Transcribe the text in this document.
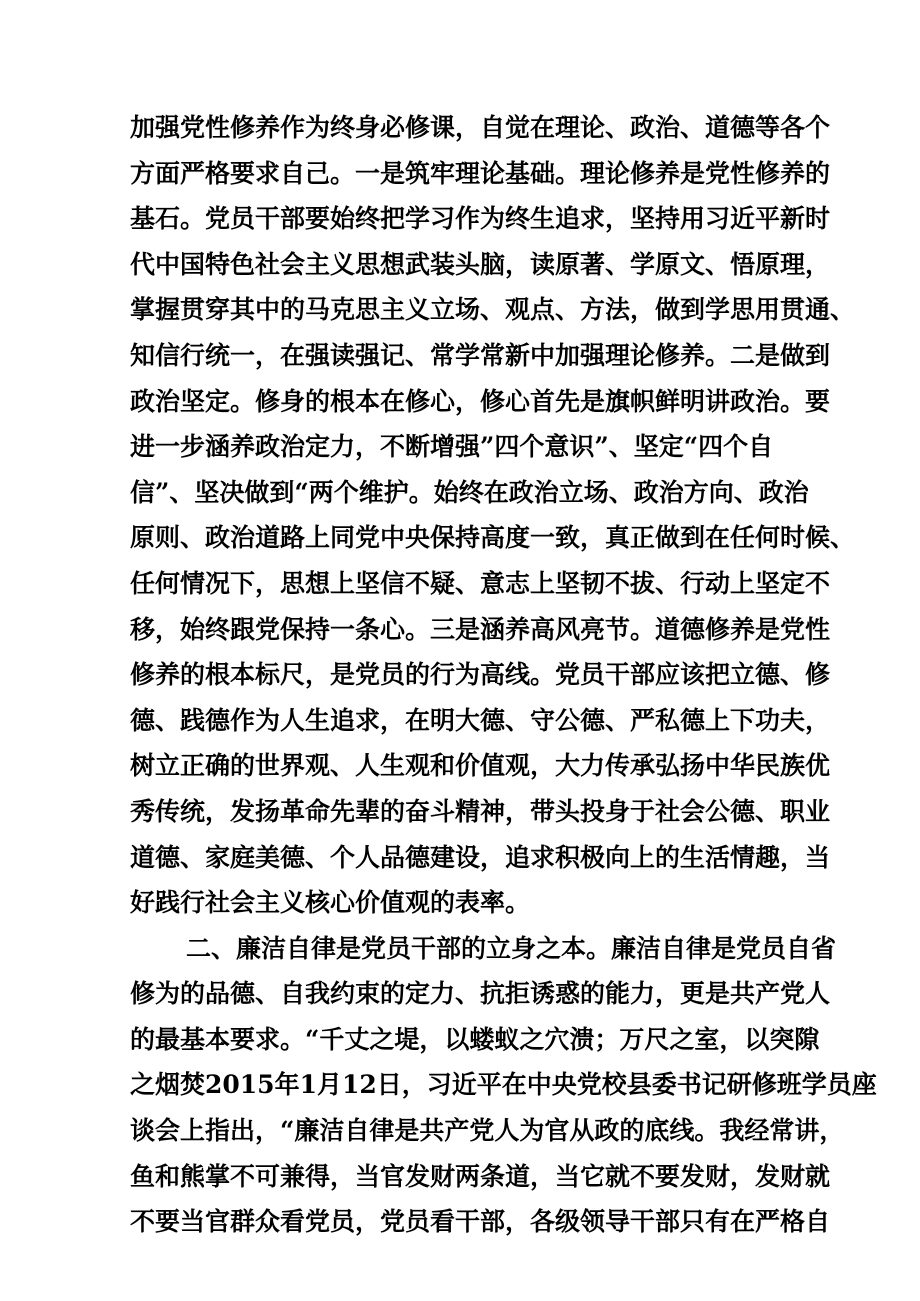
加强党性修养作为终身必修课，自觉在理论、政治、道德等各个
方面严格要求自己。一是筑牢理论基础。理论修养是党性修养的
基石。党员干部要始终把学习作为终生追求，坚持用习近平新时
代中国特色社会主义思想武装头脑，读原著、学原文、悟原理，
掌握贯穿其中的马克思主义立场、观点、方法，做到学思用贯通、
知信行统一，在强读强记、常学常新中加强理论修养。二是做到
政治坚定。修身的根本在修心，修心首先是旗帜鲜明讲政治。要
进一步涵养政治定力，不断增强”四个意识”、坚定“四个自
信”、坚决做到“两个维护。始终在政治立场、政治方向、政治
原则、政治道路上同党中央保持高度一致，真正做到在任何时候、
任何情况下，思想上坚信不疑、意志上坚韧不拔、行动上坚定不
移，始终跟党保持一条心。三是涵养高风亮节。道德修养是党性
修养的根本标尺，是党员的行为高线。党员干部应该把立德、修
德、践德作为人生追求，在明大德、守公德、严私德上下功夫，
树立正确的世界观、人生观和价值观，大力传承弘扬中华民族优
秀传统，发扬革命先辈的奋斗精神，带头投身于社会公德、职业
道德、家庭美德、个人品德建设，追求积极向上的生活情趣，当
好践行社会主义核心价值观的表率。
二、廉洁自律是党员干部的立身之本。廉洁自律是党员自省
修为的品德、自我约束的定力、抗拒诱惑的能力，更是共产党人
的最基本要求。“千丈之堤，以蝼蚁之穴溃；万尺之室，以突隙
之烟焚2015年1月12日，习近平在中央党校县委书记研修班学员座
谈会上指出，“廉洁自律是共产党人为官从政的底线。我经常讲，
鱼和熊掌不可兼得，当官发财两条道，当它就不要发财，发财就
不要当官群众看党员，党员看干部，各级领导干部只有在严格自
